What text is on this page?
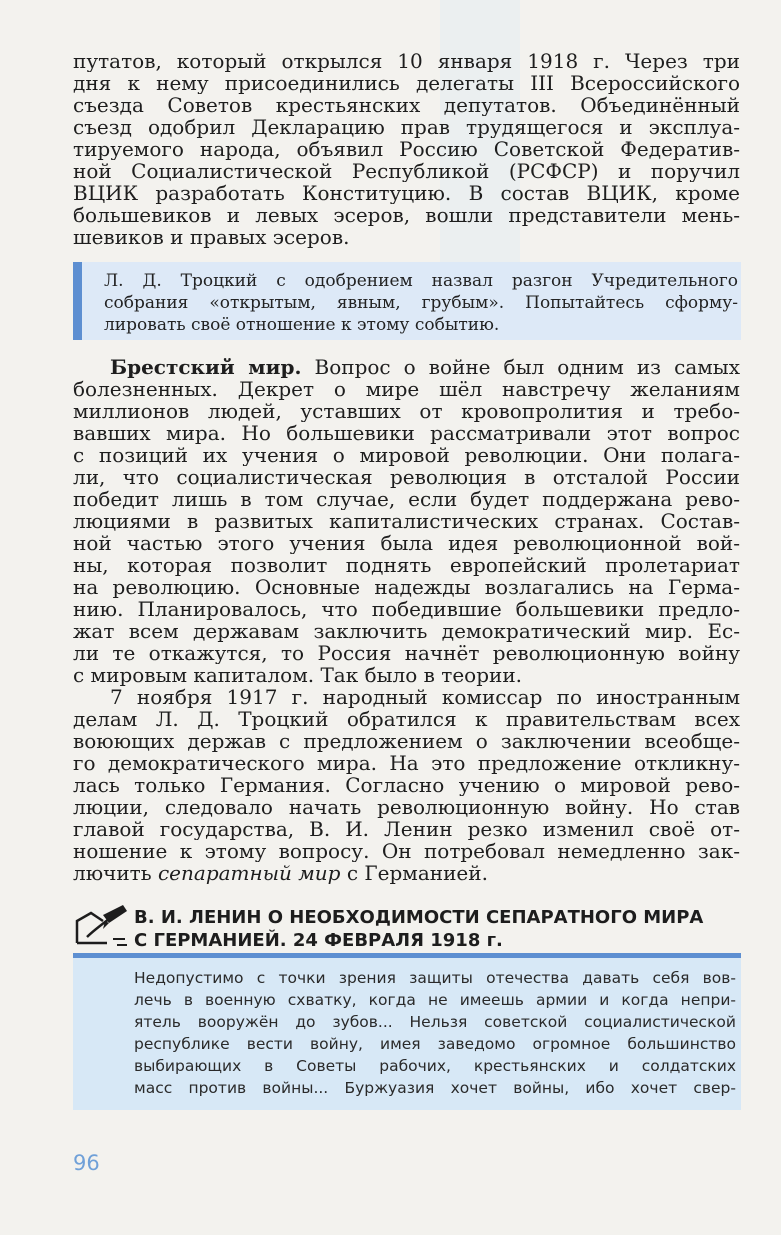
путатов, который открылся 10 января 1918 г. Через три
дня к нему присоединились делегаты III Всероссийского
съезда Советов крестьянских депутатов. Объединённый
съезд одобрил Декларацию прав трудящегося и эксплуа-
тируемого народа, объявил Россию Советской Федератив-
ной Социалистической Республикой (РСФСР) и поручил
ВЦИК разработать Конституцию. В состав ВЦИК, кроме
большевиков и левых эсеров, вошли представители мень-
шевиков и правых эсеров.
Л. Д. Троцкий с одобрением назвал разгон Учредительного
собрания «открытым, явным, грубым». Попытайтесь сформу-
лировать своё отношение к этому событию.
Брестский мир. Вопрос о войне был одним из самых
болезненных. Декрет о мире шёл навстречу желаниям
миллионов людей, уставших от кровопролития и требо-
вавших мира. Но большевики рассматривали этот вопрос
с позиций их учения о мировой революции. Они полага-
ли, что социалистическая революция в отсталой России
победит лишь в том случае, если будет поддержана рево-
люциями в развитых капиталистических странах. Состав-
ной частью этого учения была идея революционной вой-
ны, которая позволит поднять европейский пролетариат
на революцию. Основные надежды возлагались на Герма-
нию. Планировалось, что победившие большевики предло-
жат всем державам заключить демократический мир. Ес-
ли те откажутся, то Россия начнёт революционную войну
с мировым капиталом. Так было в теории.
7 ноября 1917 г. народный комиссар по иностранным
делам Л. Д. Троцкий обратился к правительствам всех
воюющих держав с предложением о заключении всеобще-
го демократического мира. На это предложение откликну-
лась только Германия. Согласно учению о мировой рево-
люции, следовало начать революционную войну. Но став
главой государства, В. И. Ленин резко изменил своё от-
ношение к этому вопросу. Он потребовал немедленно зак-
лючить сепаратный мир с Германией.
В. И. ЛЕНИН О НЕОБХОДИМОСТИ СЕПАРАТНОГО МИРА
С ГЕРМАНИЕЙ. 24 ФЕВРАЛЯ 1918 г.
Недопустимо с точки зрения защиты отечества давать себя вов-
лечь в военную схватку, когда не имеешь армии и когда непри-
ятель вооружён до зубов... Нельзя советской социалистической
республике вести войну, имея заведомо огромное большинство
выбирающих в Советы рабочих, крестьянских и солдатских
масс против войны... Буржуазия хочет войны, ибо хочет свер-
96
